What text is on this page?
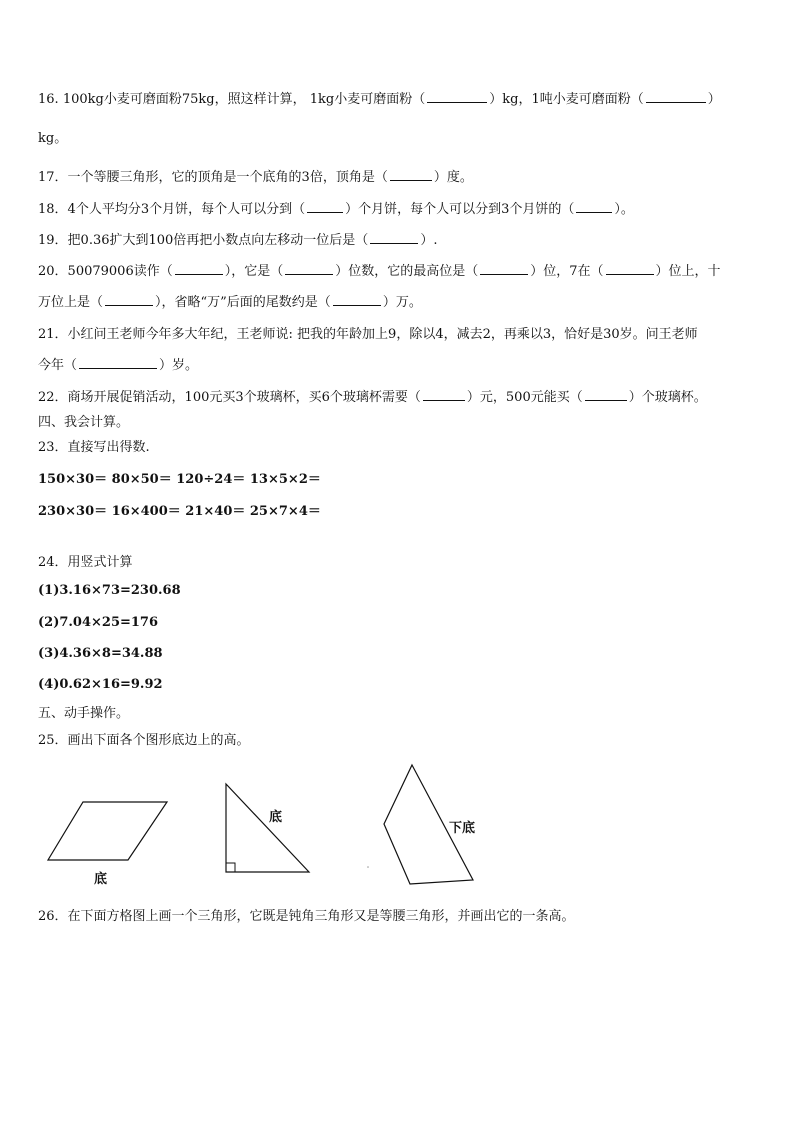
16. 100kg小麦可磨面粉75kg，照这样计算， 1kg小麦可磨面粉（	）kg，1吨小麦可磨面粉（	）
kg。
17．一个等腰三角形，它的顶角是一个底角的3倍，顶角是（	）度。
18．4个人平均分3个月饼，每个人可以分到（	）个月饼，每个人可以分到3个月饼的（	）。
19．把0.36扩大到100倍再把小数点向左移动一位后是（	）.
20．50079006读作（	），它是（	）位数，它的最高位是（	）位，7在（	）位上，十
万位上是（	），省略“万”后面的尾数约是（	）万。
21．小红问王老师今年多大年纪，王老师说: 把我的年龄加上9，除以4，减去2，再乘以3，恰好是30岁。问王老师
今年（	）岁。
22．商场开展促销活动，100元买3个玻璃杯，买6个玻璃杯需要（	）元，500元能买（	）个玻璃杯。
四、我会计算。
23．直接写出得数.
150×30＝ 80×50＝ 120÷24＝ 13×5×2＝
230×30＝ 16×400＝ 21×40＝ 25×7×4＝
24．用竖式计算
(1)3.16×73=230.68
(2)7.04×25=176
(3)4.36×8=34.88
(4)0.62×16=9.92
五、动手操作。
25．画出下面各个图形底边上的高。
底
底
下底
26．在下面方格图上画一个三角形，它既是钝角三角形又是等腰三角形，并画出它的一条高。
